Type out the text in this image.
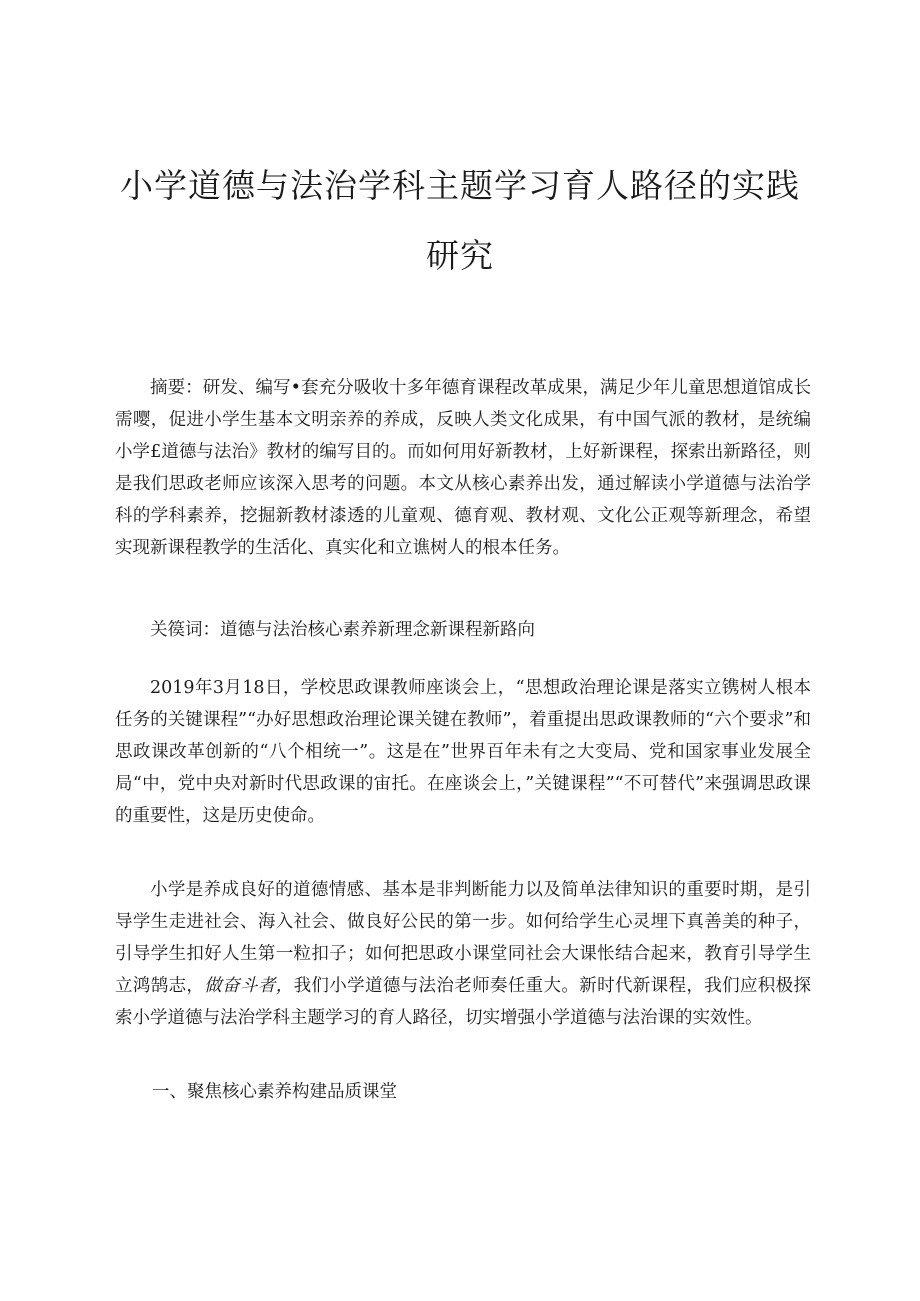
小学道德与法治学科主题学习育人路径的实践
研究

摘要：研发、编写•套充分吸收十多年德育课程改革成果，满足少年儿童思想道馆成长需嘤，促进小学生基本文明亲养的养成，反映人类文化成果，有中国气派的教材，是统编小学£道德与法治》教材的编写目的。而如何用好新教材，上好新课程，探索出新路径，则是我们思政老师应该深入思考的问题。本文从核心素养出发，通过解读小学道德与法治学科的学科素养，挖掘新教材漆透的儿童观、德育观、教材观、文化公正观等新理念，希望实现新课程教学的生活化、真实化和立谯树人的根本任务。

关篌词：道德与法治核心素养新理念新课程新路向

2019年3月18日，学校思政课教师座谈会上，“思想政治理论课是落实立镌树人根本任务的关键课程”“办好思想政治理论课关键在教师”，着重提出思政课教师的“六个要求”和思政课改革创新的“八个相统一”。这是在”世界百年未有之大变局、党和国家事业发展全局“中，党中央对新时代思政课的宙托。在座谈会上，”关键课程”“不可替代”来强调思政课的重要性，这是历史使命。

小学是养成良好的道德情感、基本是非判断能力以及简单法律知识的重要时期，是引导学生走进社会、海入社会、做良好公民的第一步。如何给学生心灵埋下真善美的种子，引导学生扣好人生第一粒扣子；如何把思政小课堂同社会大课怅结合起来，教育引导学生立鸿鹄志，做奋斗者，我们小学道德与法治老师奏任重大。新时代新课程，我们应积极探索小学道德与法治学科主题学习的育人路径，切实增强小学道德与法治课的实效性。

一、聚焦核心素养构建品质课堂
